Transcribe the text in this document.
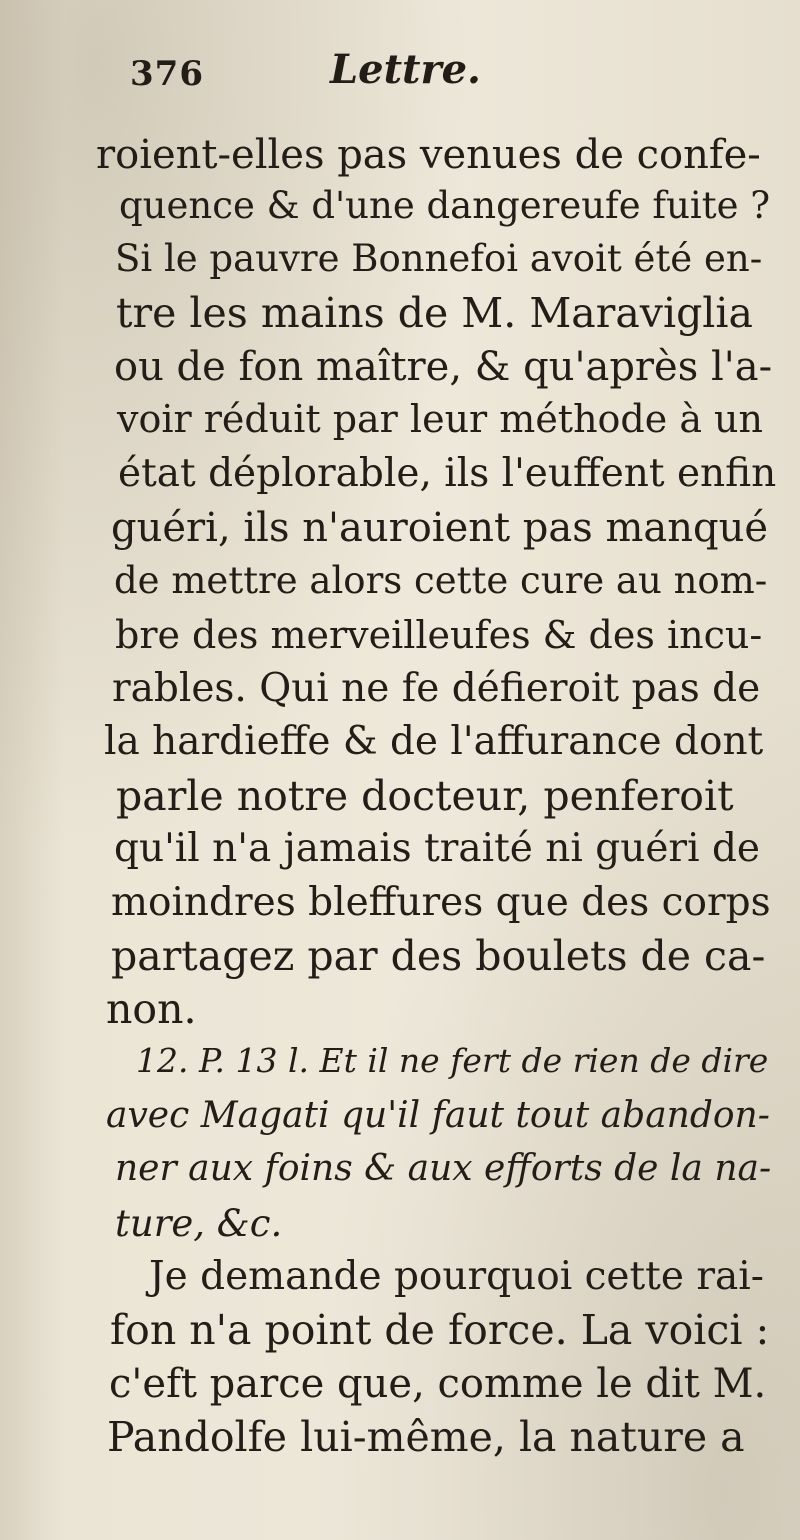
376	Lettre.
roient-elles pas venues de confe-
quence & d'une dangereufe fuite ?
Si le pauvre Bonnefoi avoit été en-
tre les mains de M. Maraviglia
ou de fon maître, & qu'après l'a-
voir réduit par leur méthode à un
état déplorable, ils l'euffent enfin
guéri, ils n'auroient pas manqué
de mettre alors cette cure au nom-
bre des merveilleufes & des incu-
rables. Qui ne fe défieroit pas de
la hardieffe & de l'affurance dont
parle notre docteur, penferoit
qu'il n'a jamais traité ni guéri de
moindres bleffures que des corps
partagez par des boulets de ca-
non.
12. P. 13 l. Et il ne fert de rien de dire
avec Magati qu'il faut tout abandon-
ner aux foins & aux efforts de la na-
ture, &c.
Je demande pourquoi cette rai-
fon n'a point de force. La voici :
c'eft parce que, comme le dit M.
Pandolfe lui-même, la nature a
